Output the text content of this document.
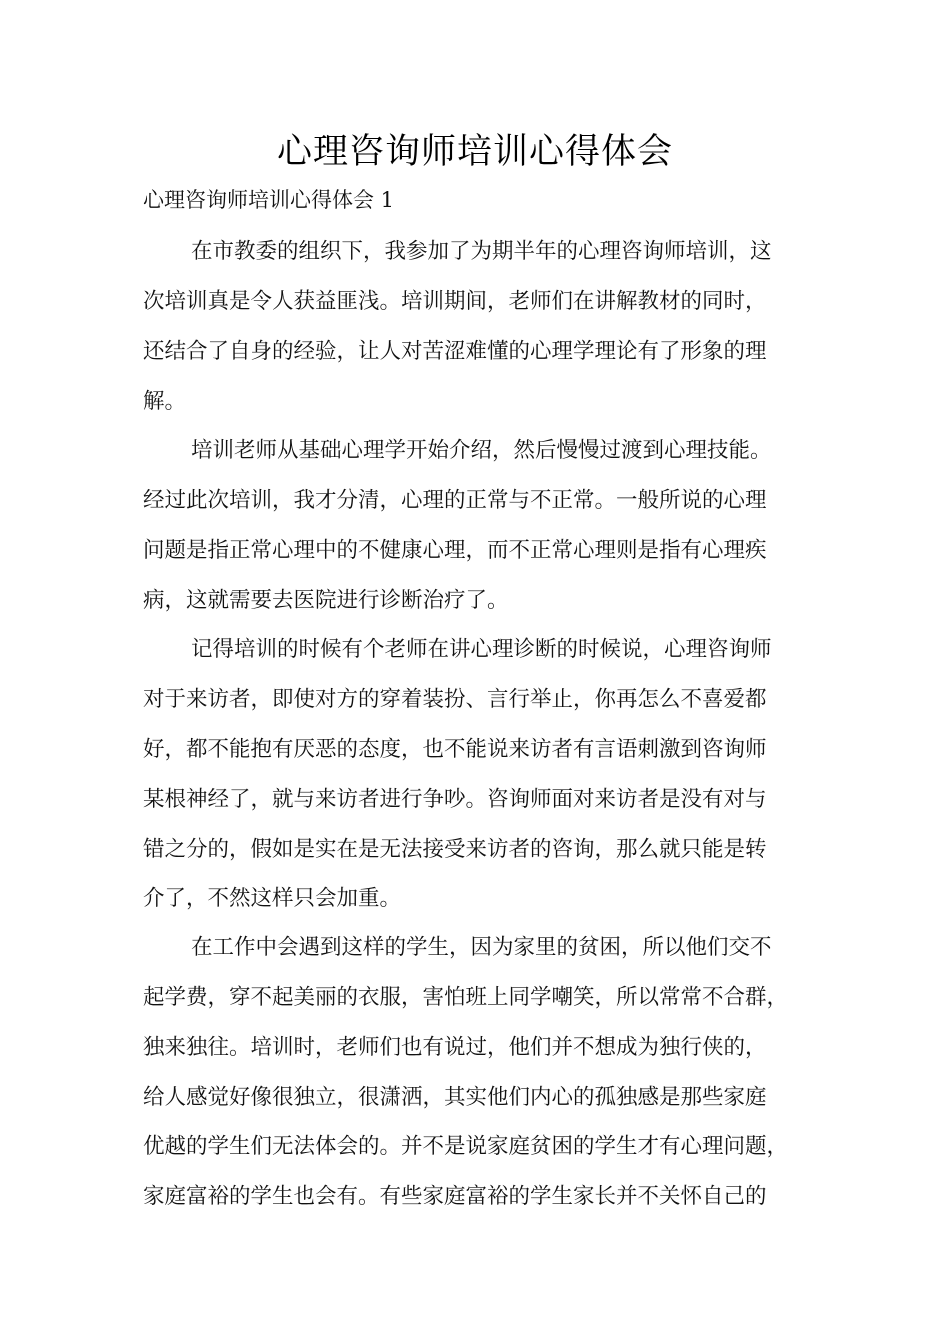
心理咨询师培训心得体会

心理咨询师培训心得体会 1

在市教委的组织下，我参加了为期半年的心理咨询师培训，这

次培训真是令人获益匪浅。培训期间，老师们在讲解教材的同时，

还结合了自身的经验，让人对苦涩难懂的心理学理论有了形象的理

解。

培训老师从基础心理学开始介绍，然后慢慢过渡到心理技能。

经过此次培训，我才分清，心理的正常与不正常。一般所说的心理

问题是指正常心理中的不健康心理，而不正常心理则是指有心理疾

病，这就需要去医院进行诊断治疗了。

记得培训的时候有个老师在讲心理诊断的时候说，心理咨询师

对于来访者，即使对方的穿着装扮、言行举止，你再怎么不喜爱都

好，都不能抱有厌恶的态度，也不能说来访者有言语刺激到咨询师

某根神经了，就与来访者进行争吵。咨询师面对来访者是没有对与

错之分的，假如是实在是无法接受来访者的咨询，那么就只能是转

介了，不然这样只会加重。

在工作中会遇到这样的学生，因为家里的贫困，所以他们交不

起学费，穿不起美丽的衣服，害怕班上同学嘲笑，所以常常不合群，

独来独往。培训时，老师们也有说过，他们并不想成为独行侠的，

给人感觉好像很独立，很潇洒，其实他们内心的孤独感是那些家庭

优越的学生们无法体会的。并不是说家庭贫困的学生才有心理问题，

家庭富裕的学生也会有。有些家庭富裕的学生家长并不关怀自己的
